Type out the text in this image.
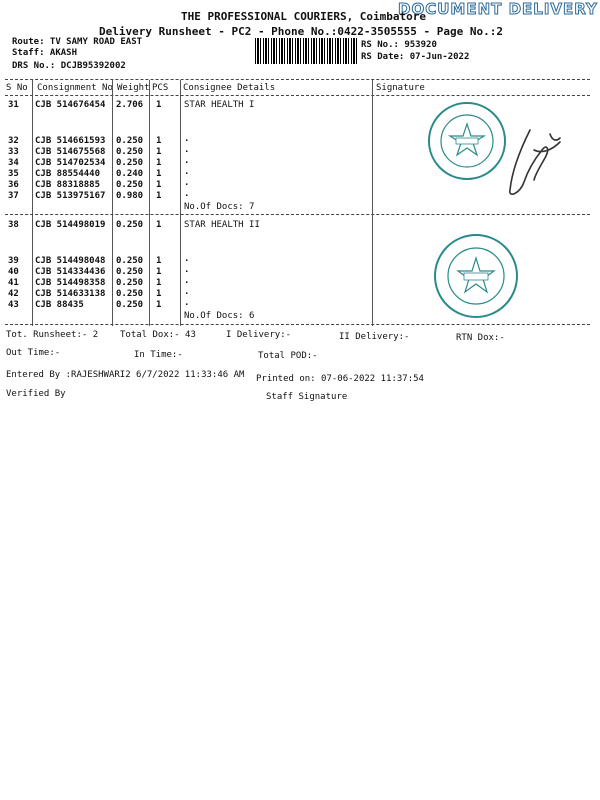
DOCUMENT DELIVERY
THE PROFESSIONAL COURIERS, Coimbatore
Delivery Runsheet - PC2 - Phone No.:0422-3505555 - Page No.:2
Route: TV SAMY ROAD EAST
Staff: AKASH
DRS No.: DCJB95392002
RS No.: 953920
RS Date: 07-Jun-2022
S No Consignment No Weight PCS Consignee Details	Signature
31 CJB 514676454 2.706 1	STAR HEALTH I
32 CJB 514661593 0.250 1	.
33 CJB 514675568 0.250 1	.
34 CJB 514702534 0.250 1	.
35 CJB 88554440 0.240 1	.
36 CJB 88318885 0.250 1	.
37 CJB 513975167 0.980 1	.
No.Of Docs: 7
38 CJB 514498019 0.250 1	STAR HEALTH II
39 CJB 514498048 0.250 1	.
40 CJB 514334436 0.250 1	.
41 CJB 514498358 0.250 1	.
42 CJB 514633138 0.250 1	.
43 CJB 88435	0.250 1	.
No.Of Docs: 6
Tot. Runsheet:- 2 Total Dox:- 43	I Delivery:-	II Delivery:-	RTN Dox:-
Out Time:-	In Time:-	Total POD:-
Entered By :RAJESHWARI2 6/7/2022 11:33:46 AM Printed on: 07-06-2022 11:37:54
Verified By	Staff Signature
